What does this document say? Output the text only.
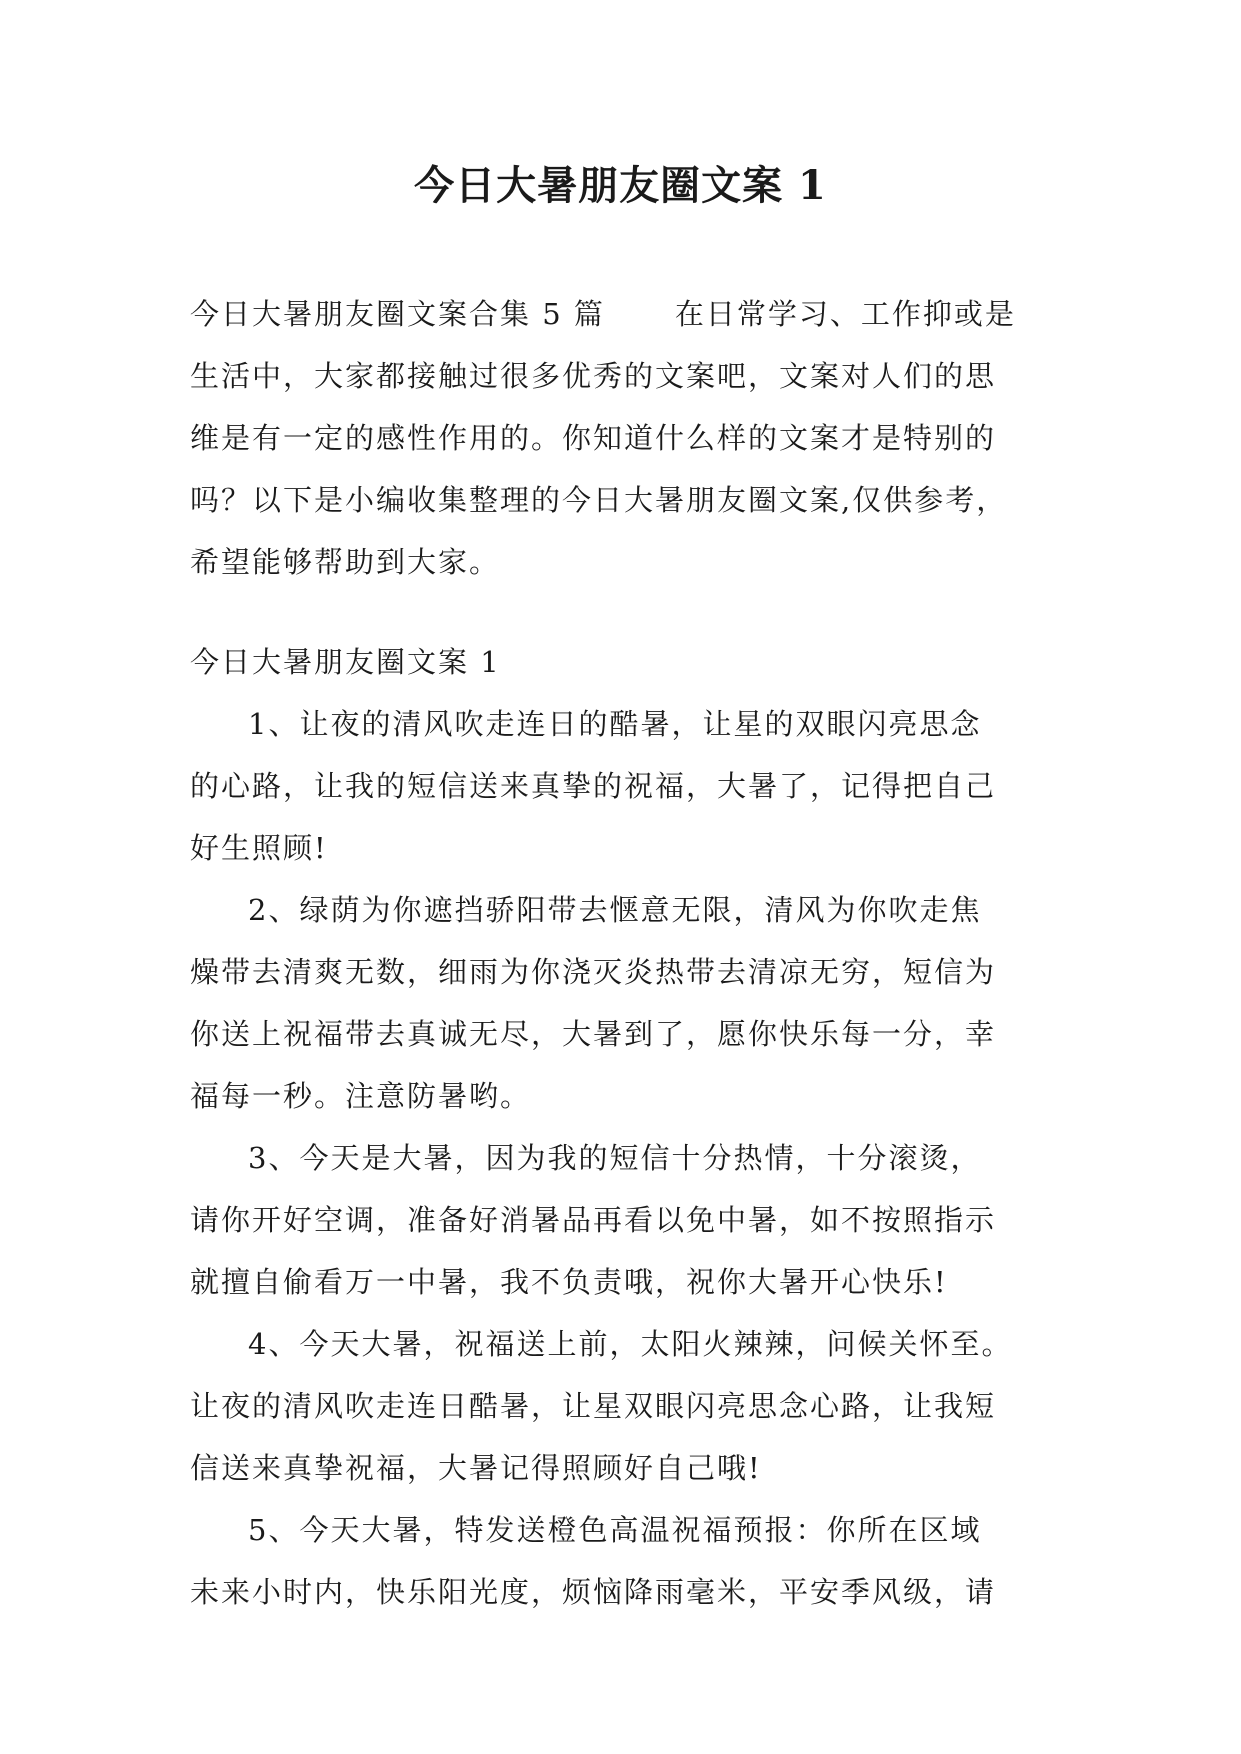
今日大暑朋友圈文案 1
今日大暑朋友圈文案合集 5 篇 在日常学习、工作抑或是
生活中，大家都接触过很多优秀的文案吧，文案对人们的思
维是有一定的感性作用的。你知道什么样的文案才是特别的
吗？以下是小编收集整理的今日大暑朋友圈文案,仅供参考，
希望能够帮助到大家。
今日大暑朋友圈文案 1
1、让夜的清风吹走连日的酷暑，让星的双眼闪亮思念
的心路，让我的短信送来真挚的祝福，大暑了，记得把自己
好生照顾!
2、绿荫为你遮挡骄阳带去惬意无限，清风为你吹走焦
燥带去清爽无数，细雨为你浇灭炎热带去清凉无穷，短信为
你送上祝福带去真诚无尽，大暑到了，愿你快乐每一分，幸
福每一秒。注意防暑哟。
3、今天是大暑，因为我的短信十分热情，十分滚烫，
请你开好空调，准备好消暑品再看以免中暑，如不按照指示
就擅自偷看万一中暑，我不负责哦，祝你大暑开心快乐!
4、今天大暑，祝福送上前，太阳火辣辣，问候关怀至。
让夜的清风吹走连日酷暑，让星双眼闪亮思念心路，让我短
信送来真挚祝福，大暑记得照顾好自己哦!
5、今天大暑，特发送橙色高温祝福预报：你所在区域
未来小时内，快乐阳光度，烦恼降雨毫米，平安季风级，请
